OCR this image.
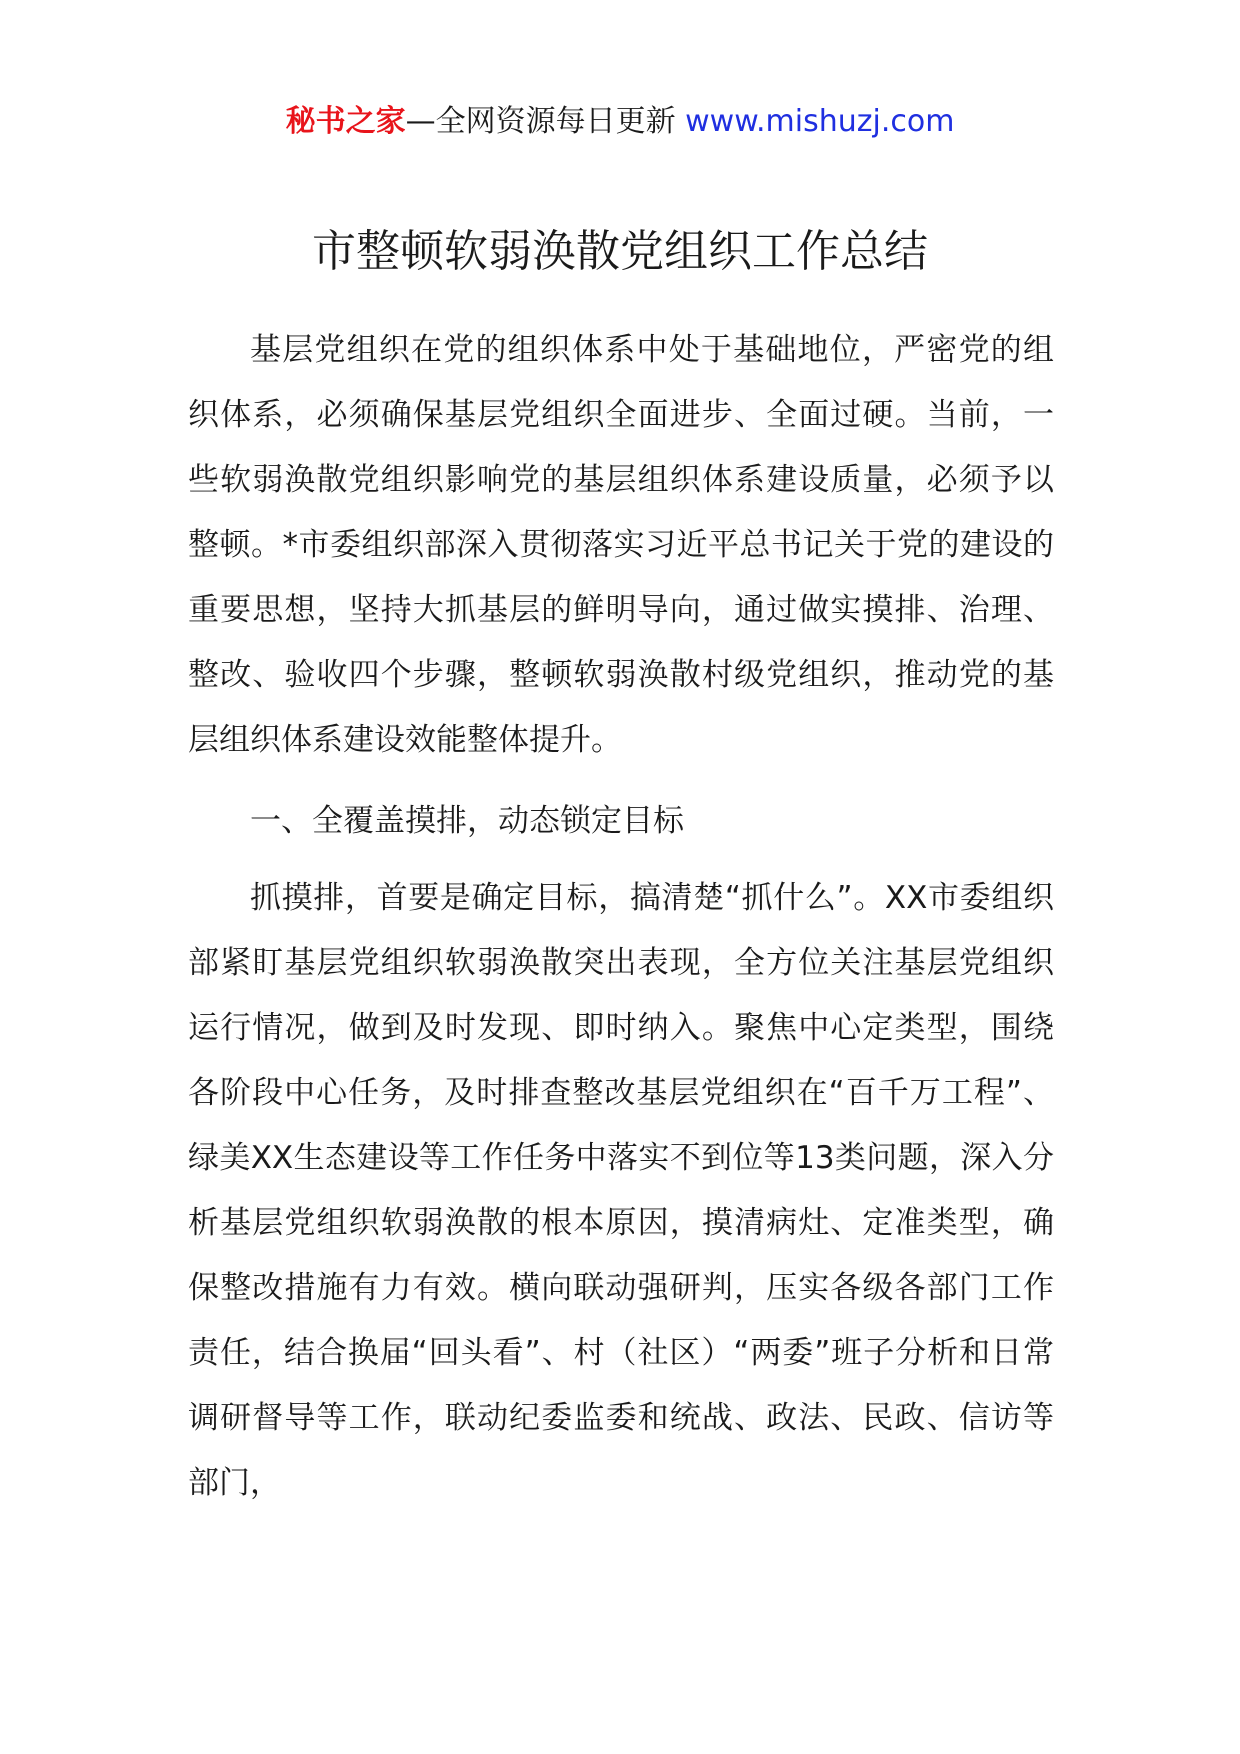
秘书之家—全网资源每日更新 www.mishuzj.com
市整顿软弱涣散党组织工作总结

基层党组织在党的组织体系中处于基础地位，严密党的组织体系，必须确保基层党组织全面进步、全面过硬。当前，一些软弱涣散党组织影响党的基层组织体系建设质量，必须予以整顿。*市委组织部深入贯彻落实习近平总书记关于党的建设的重要思想，坚持大抓基层的鲜明导向，通过做实摸排、治理、整改、验收四个步骤，整顿软弱涣散村级党组织，推动党的基层组织体系建设效能整体提升。

一、全覆盖摸排，动态锁定目标

抓摸排，首要是确定目标，搞清楚“抓什么”。XX市委组织部紧盯基层党组织软弱涣散突出表现，全方位关注基层党组织运行情况，做到及时发现、即时纳入。聚焦中心定类型，围绕各阶段中心任务，及时排查整改基层党组织在“百千万工程”、绿美XX生态建设等工作任务中落实不到位等13类问题，深入分析基层党组织软弱涣散的根本原因，摸清病灶、定准类型，确保整改措施有力有效。横向联动强研判，压实各级各部门工作责任，结合换届“回头看”、村（社区）“两委”班子分析和日常调研督导等工作，联动纪委监委和统战、政法、民政、信访等部门，
